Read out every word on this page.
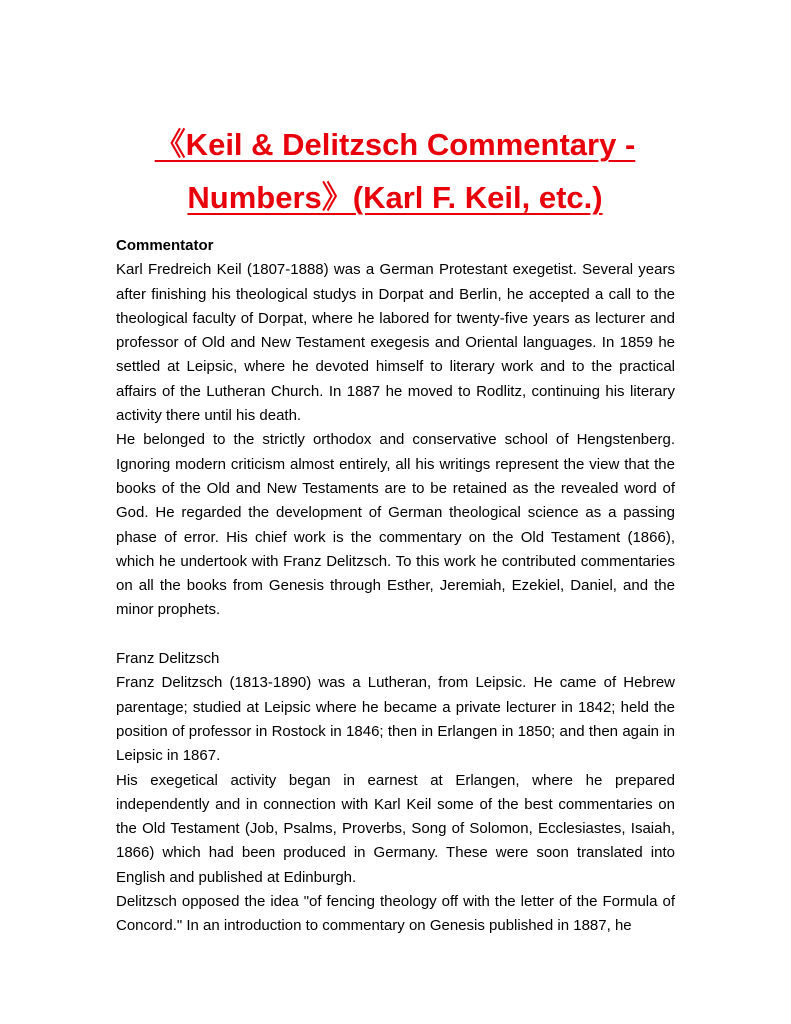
《Keil & Delitzsch Commentary - Numbers》(Karl F. Keil, etc.)

Commentator

Karl Fredreich Keil (1807-1888) was a German Protestant exegetist. Several years after finishing his theological studys in Dorpat and Berlin, he accepted a call to the theological faculty of Dorpat, where he labored for twenty-five years as lecturer and professor of Old and New Testament exegesis and Oriental languages. In 1859 he settled at Leipsic, where he devoted himself to literary work and to the practical affairs of the Lutheran Church. In 1887 he moved to Rodlitz, continuing his literary activity there until his death.

He belonged to the strictly orthodox and conservative school of Hengstenberg. Ignoring modern criticism almost entirely, all his writings represent the view that the books of the Old and New Testaments are to be retained as the revealed word of God. He regarded the development of German theological science as a passing phase of error. His chief work is the commentary on the Old Testament (1866), which he undertook with Franz Delitzsch. To this work he contributed commentaries on all the books from Genesis through Esther, Jeremiah, Ezekiel, Daniel, and the minor prophets.

Franz Delitzsch

Franz Delitzsch (1813-1890) was a Lutheran, from Leipsic. He came of Hebrew parentage; studied at Leipsic where he became a private lecturer in 1842; held the position of professor in Rostock in 1846; then in Erlangen in 1850; and then again in Leipsic in 1867.

His exegetical activity began in earnest at Erlangen, where he prepared independently and in connection with Karl Keil some of the best commentaries on the Old Testament (Job, Psalms, Proverbs, Song of Solomon, Ecclesiastes, Isaiah, 1866) which had been produced in Germany. These were soon translated into English and published at Edinburgh.

Delitzsch opposed the idea "of fencing theology off with the letter of the Formula of Concord." In an introduction to commentary on Genesis published in 1887, he
